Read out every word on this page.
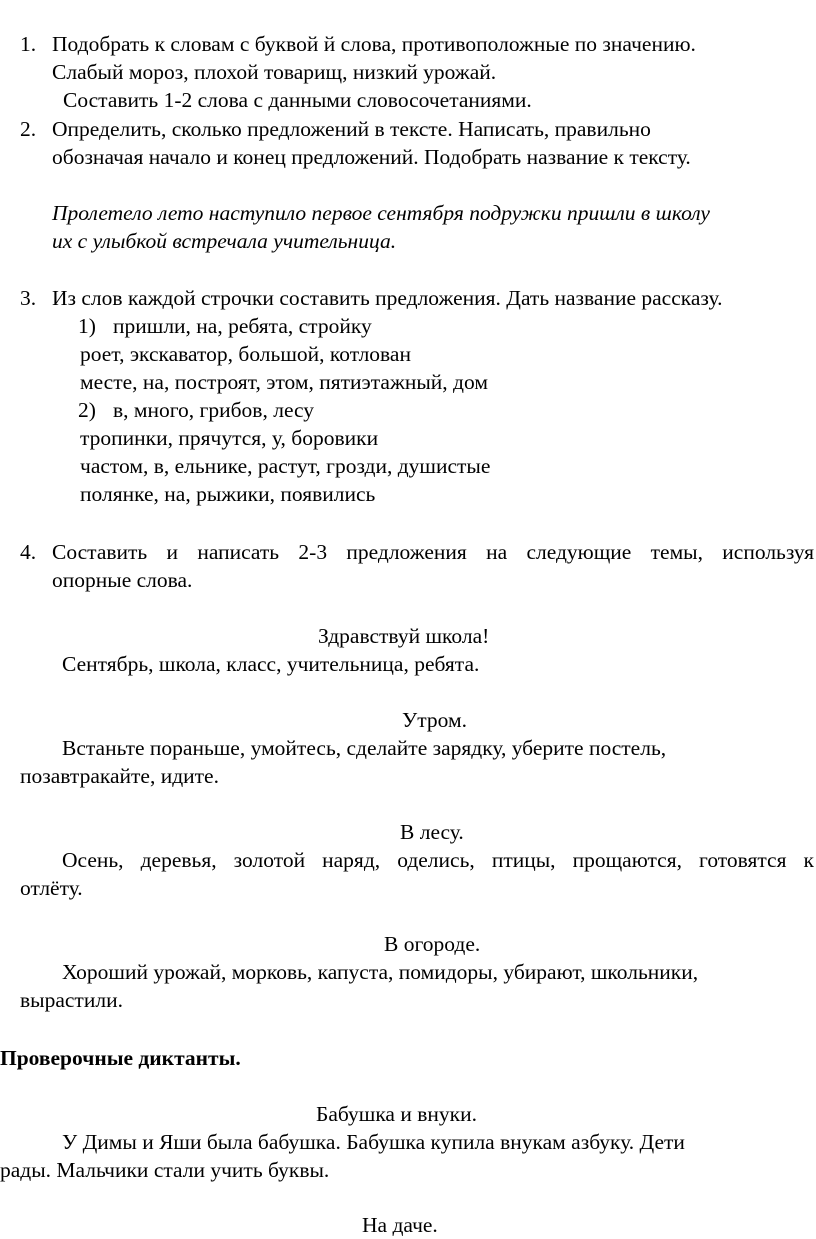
1. Подобрать к словам с буквой й слова, противоположные по значению.
Слабый мороз, плохой товарищ, низкий урожай.
Составить 1-2 слова с данными словосочетаниями.
2. Определить, сколько предложений в тексте. Написать, правильно
обозначая начало и конец предложений. Подобрать название к тексту.
Пролетело лето наступило первое сентября подружки пришли в школу
их с улыбкой встречала учительница.
3. Из слов каждой строчки составить предложения. Дать название рассказу.
1) пришли, на, ребята, стройку
роет, экскаватор, большой, котлован
месте, на, построят, этом, пятиэтажный, дом
2) в, много, грибов, лесу
тропинки, прячутся, у, боровики
частом, в, ельнике, растут, грозди, душистые
полянке, на, рыжики, появились
4. Составить и написать 2-3 предложения на следующие темы, используя
опорные слова.
Здравствуй школа!
Сентябрь, школа, класс, учительница, ребята.
Утром.
Встаньте пораньше, умойтесь, сделайте зарядку, уберите постель,
позавтракайте, идите.
В лесу.
Осень, деревья, золотой наряд, оделись, птицы, прощаются, готовятся к
отлёту.
В огороде.
Хороший урожай, морковь, капуста, помидоры, убирают, школьники,
вырастили.
Проверочные диктанты.
Бабушка и внуки.
У Димы и Яши была бабушка. Бабушка купила внукам азбуку. Дети
рады. Мальчики стали учить буквы.
На даче.
